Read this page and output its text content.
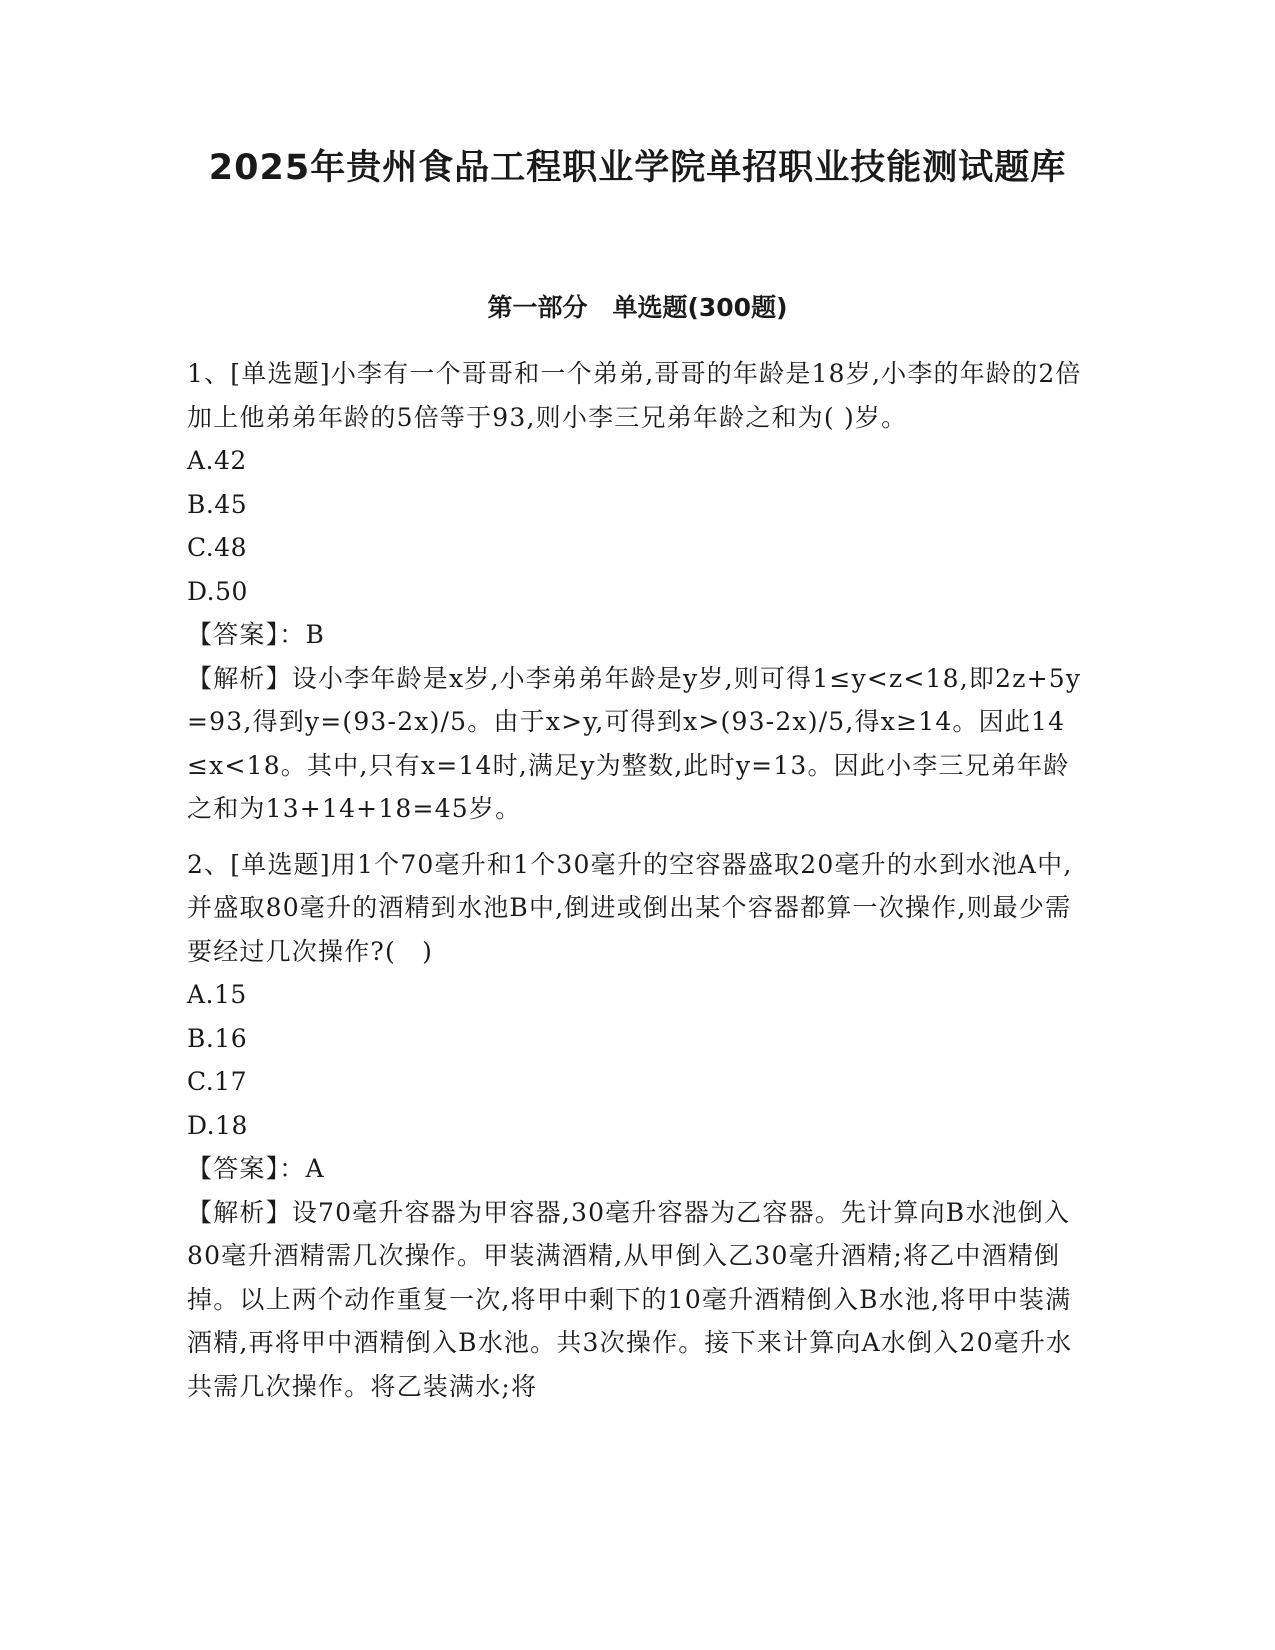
2025年贵州食品工程职业学院单招职业技能测试题库
第一部分　单选题(300题)

1、[单选题]小李有一个哥哥和一个弟弟,哥哥的年龄是18岁,小李的年龄的2倍加上他弟弟年龄的5倍等于93,则小李三兄弟年龄之和为( )岁。

A.42

B.45

C.48

D.50

【答案】：B

【解析】设小李年龄是x岁,小李弟弟年龄是y岁,则可得1≤y<z<18,即2z+5y=93,得到y=(93-2x)/5。由于x>y,可得到x>(93-2x)/5,得x≥14。因此14≤x<18。其中,只有x=14时,满足y为整数,此时y=13。因此小李三兄弟年龄之和为13+14+18=45岁。

2、[单选题]用1个70毫升和1个30毫升的空容器盛取20毫升的水到水池A中,并盛取80毫升的酒精到水池B中,倒进或倒出某个容器都算一次操作,则最少需要经过几次操作?(　)

A.15

B.16

C.17

D.18

【答案】：A

【解析】设70毫升容器为甲容器,30毫升容器为乙容器。先计算向B水池倒入80毫升酒精需几次操作。甲装满酒精,从甲倒入乙30毫升酒精;将乙中酒精倒掉。以上两个动作重复一次,将甲中剩下的10毫升酒精倒入B水池,将甲中装满酒精,再将甲中酒精倒入B水池。共3次操作。接下来计算向A水倒入20毫升水共需几次操作。将乙装满水;将
